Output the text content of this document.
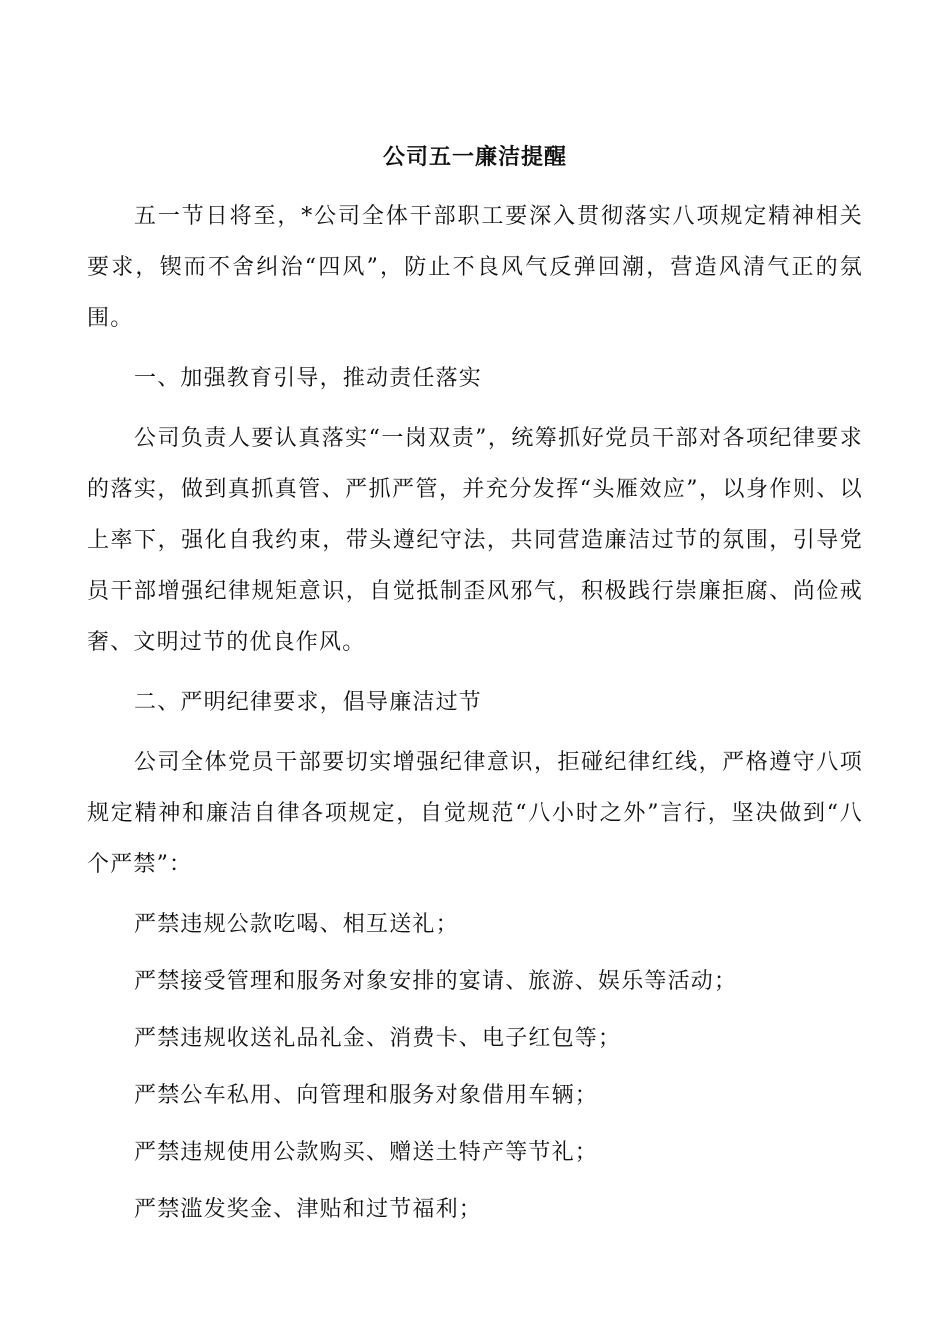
公司五一廉洁提醒

五一节日将至，*公司全体干部职工要深入贯彻落实八项规定精神相关要求，锲而不舍纠治“四风”，防止不良风气反弹回潮，营造风清气正的氛围。

一、加强教育引导，推动责任落实

公司负责人要认真落实“一岗双责”，统筹抓好党员干部对各项纪律要求的落实，做到真抓真管、严抓严管，并充分发挥“头雁效应”，以身作则、以上率下，强化自我约束，带头遵纪守法，共同营造廉洁过节的氛围，引导党员干部增强纪律规矩意识，自觉抵制歪风邪气，积极践行崇廉拒腐、尚俭戒奢、文明过节的优良作风。

二、严明纪律要求，倡导廉洁过节

公司全体党员干部要切实增强纪律意识，拒碰纪律红线，严格遵守八项规定精神和廉洁自律各项规定，自觉规范“八小时之外”言行，坚决做到“八个严禁”：

严禁违规公款吃喝、相互送礼；
严禁接受管理和服务对象安排的宴请、旅游、娱乐等活动；
严禁违规收送礼品礼金、消费卡、电子红包等；
严禁公车私用、向管理和服务对象借用车辆；
严禁违规使用公款购买、赠送土特产等节礼；
严禁滥发奖金、津贴和过节福利；
